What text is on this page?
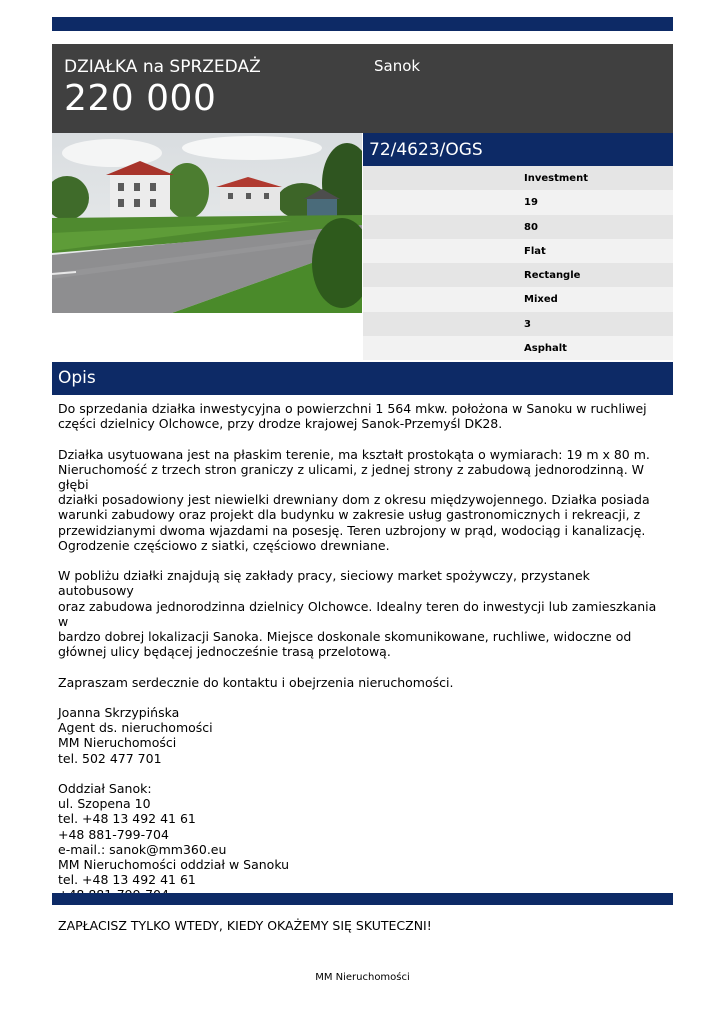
DZIAŁKA na SPRZEDAŻ
220 000
Sanok
72/4623/OGS
Investment
19
80
Flat
Rectangle
Mixed
3
Asphalt
Opis

Do sprzedania działka inwestycyjna o powierzchni 1 564 mkw. położona w Sanoku w ruchliwej
części dzielnicy Olchowce, przy drodze krajowej Sanok-Przemyśl DK28.

Działka usytuowana jest na płaskim terenie, ma kształt prostokąta o wymiarach: 19 m x 80 m.
Nieruchomość z trzech stron graniczy z ulicami, z jednej strony z zabudową jednorodzinną. W głębi
działki posadowiony jest niewielki drewniany dom z okresu międzywojennego. Działka posiada
warunki zabudowy oraz projekt dla budynku w zakresie usług gastronomicznych i rekreacji, z
przewidzianymi dwoma wjazdami na posesję. Teren uzbrojony w prąd, wodociąg i kanalizację.
Ogrodzenie częściowo z siatki, częściowo drewniane.

W pobliżu działki znajdują się zakłady pracy, sieciowy market spożywczy, przystanek autobusowy
oraz zabudowa jednorodzinna dzielnicy Olchowce. Idealny teren do inwestycji lub zamieszkania w
bardzo dobrej lokalizacji Sanoka. Miejsce doskonale skomunikowane, ruchliwe, widoczne od
głównej ulicy będącej jednocześnie trasą przelotową.

Zapraszam serdecznie do kontaktu i obejrzenia nieruchomości.

Joanna Skrzypińska
Agent ds. nieruchomości
MM Nieruchomości
tel. 502 477 701

Oddział Sanok:
ul. Szopena 10
tel. +48 13 492 41 61
+48 881-799-704
e-mail.: sanok@mm360.eu
MM Nieruchomości oddział w Sanoku
tel. +48 13 492 41 61

ZAPŁACISZ TYLKO WTEDY, KIEDY OKAŻEMY SIĘ SKUTECZNI!

MM Nieruchomości
